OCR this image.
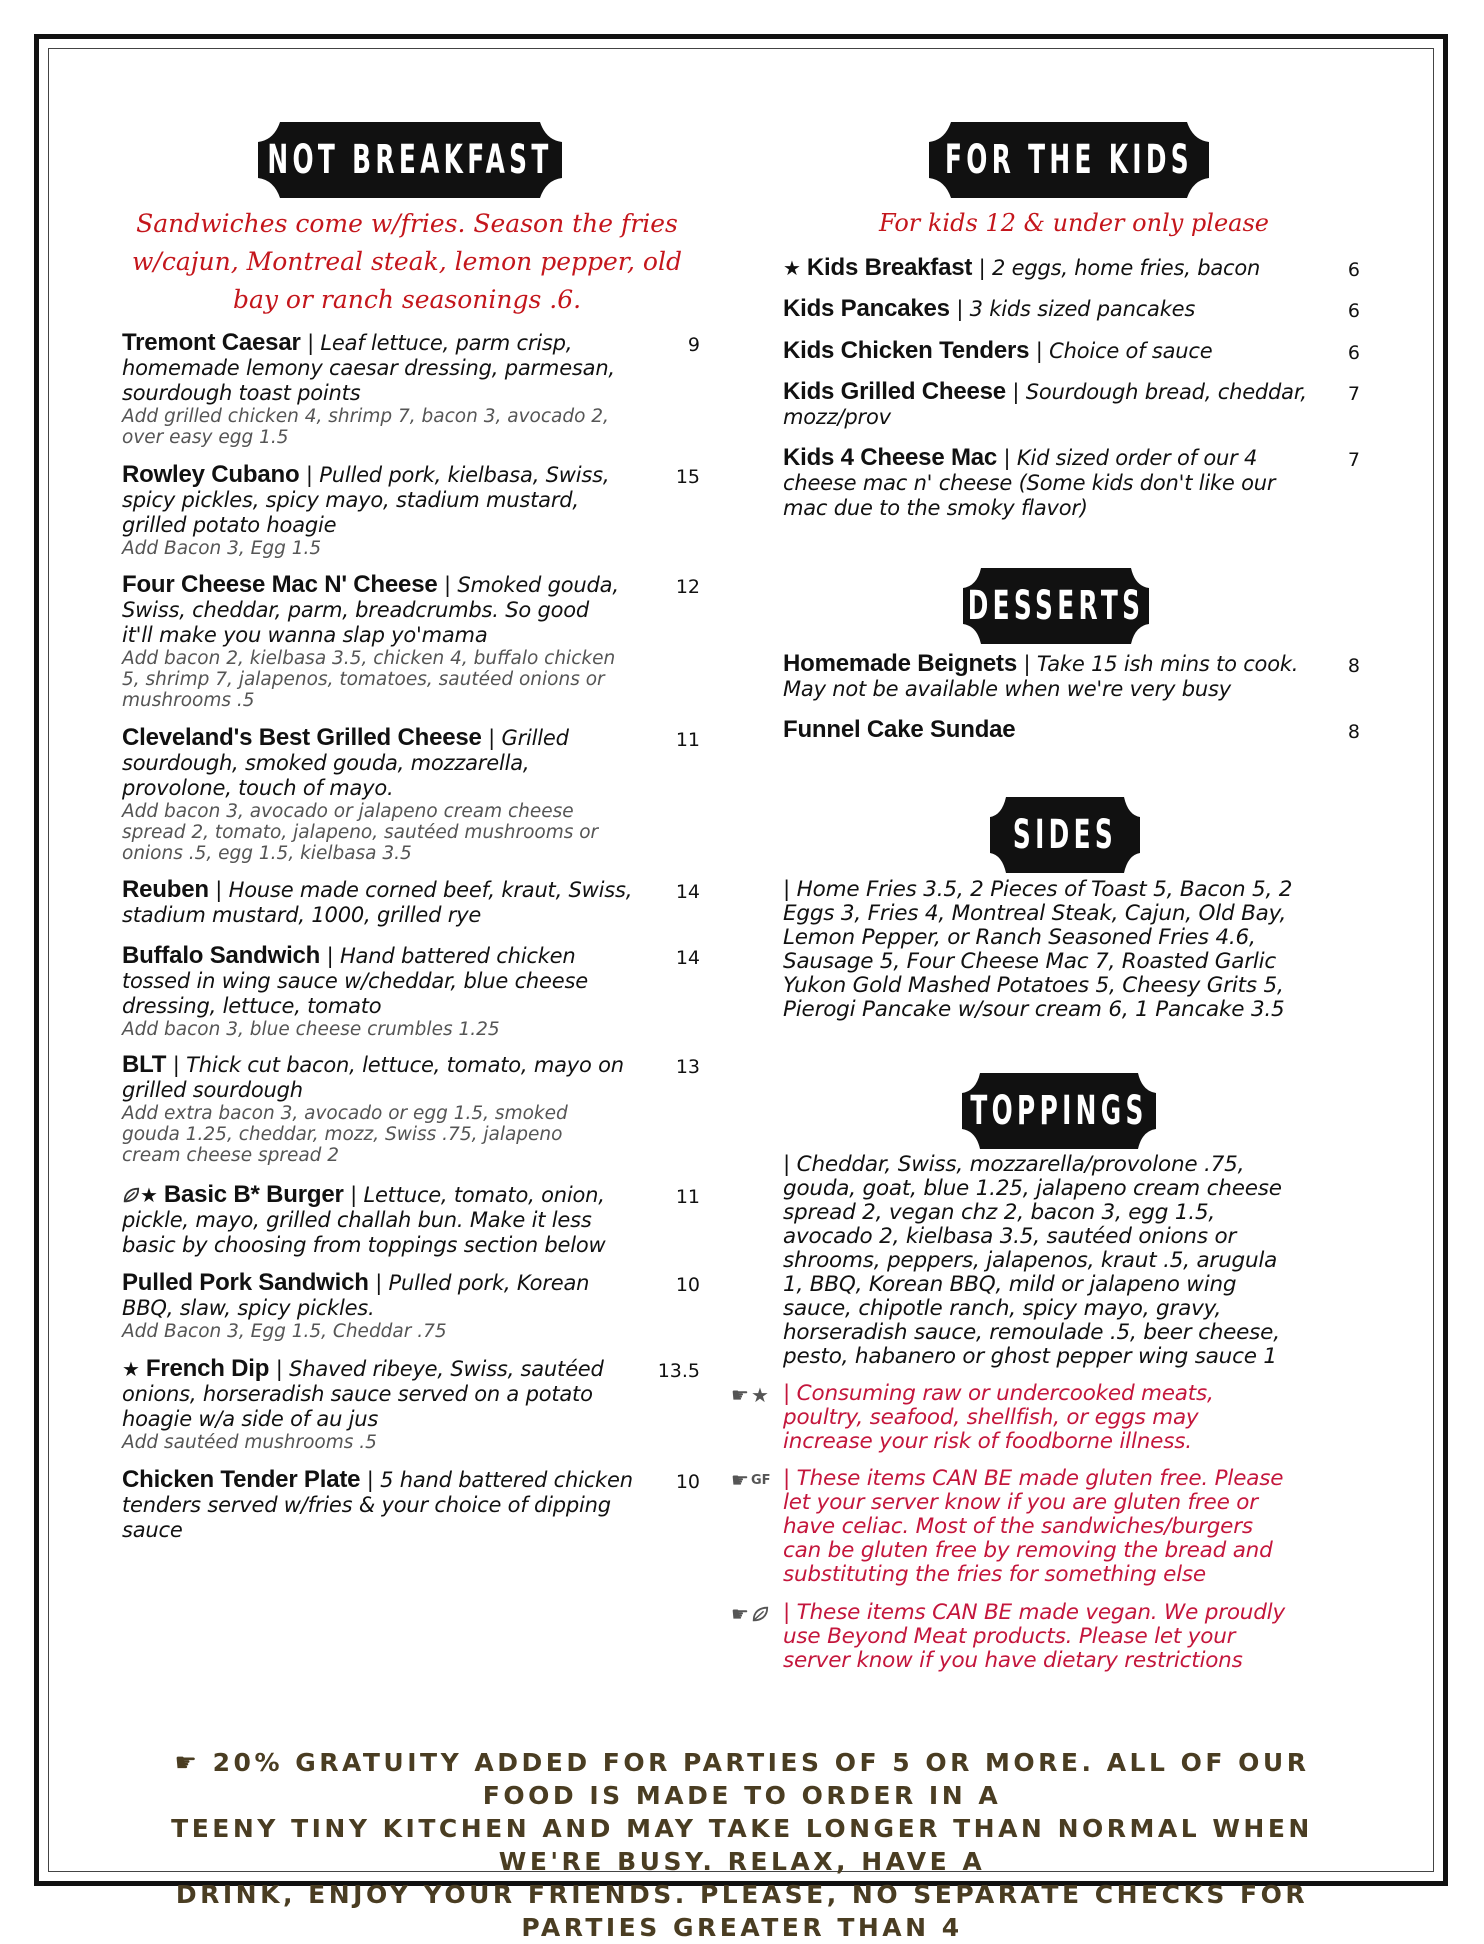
NOT BREAKFAST
Sandwiches come w/fries. Season the fries
w/cajun, Montreal steak, lemon pepper, old
bay or ranch seasonings .6.
Tremont Caesar | Leaf lettuce, parm crisp,
homemade lemony caesar dressing, parmesan,
sourdough toast points
Add grilled chicken 4, shrimp 7, bacon 3, avocado 2,
over easy egg 1.5
9
Rowley Cubano | Pulled pork, kielbasa, Swiss,
spicy pickles, spicy mayo, stadium mustard,
grilled potato hoagie
Add Bacon 3, Egg 1.5
15
Four Cheese Mac N' Cheese | Smoked gouda,
Swiss, cheddar, parm, breadcrumbs. So good
it'll make you wanna slap yo'mama
Add bacon 2, kielbasa 3.5, chicken 4, buffalo chicken
5, shrimp 7, jalapenos, tomatoes, sautéed onions or
mushrooms .5
12
Cleveland's Best Grilled Cheese | Grilled
sourdough, smoked gouda, mozzarella,
provolone, touch of mayo.
Add bacon 3, avocado or jalapeno cream cheese
spread 2, tomato, jalapeno, sautéed mushrooms or
onions .5, egg 1.5, kielbasa 3.5
11
Reuben | House made corned beef, kraut, Swiss,
stadium mustard, 1000, grilled rye
14
Buffalo Sandwich | Hand battered chicken
tossed in wing sauce w/cheddar, blue cheese
dressing, lettuce, tomato
Add bacon 3, blue cheese crumbles 1.25
14
BLT | Thick cut bacon, lettuce, tomato, mayo on
grilled sourdough
Add extra bacon 3, avocado or egg 1.5, smoked
gouda 1.25, cheddar, mozz, Swiss .75, jalapeno
cream cheese spread 2
13
★ Basic B* Burger | Lettuce, tomato, onion,
pickle, mayo, grilled challah bun. Make it less
basic by choosing from toppings section below
11
Pulled Pork Sandwich | Pulled pork, Korean
BBQ, slaw, spicy pickles.
Add Bacon 3, Egg 1.5, Cheddar .75
10
★ French Dip | Shaved ribeye, Swiss, sautéed
onions, horseradish sauce served on a potato
hoagie w/a side of au jus
Add sautéed mushrooms .5
13.5
Chicken Tender Plate | 5 hand battered chicken
tenders served w/fries & your choice of dipping
sauce
10
FOR THE KIDS
For kids 12 & under only please
★ Kids Breakfast | 2 eggs, home fries, bacon	6
Kids Pancakes | 3 kids sized pancakes	6
Kids Chicken Tenders | Choice of sauce	6
Kids Grilled Cheese | Sourdough bread, cheddar,
mozz/prov
7
Kids 4 Cheese Mac | Kid sized order of our 4
cheese mac n' cheese (Some kids don't like our
mac due to the smoky flavor)
7
DESSERTS
Homemade Beignets | Take 15 ish mins to cook.
May not be available when we're very busy
8
Funnel Cake Sundae	8
SIDES
| Home Fries 3.5, 2 Pieces of Toast 5, Bacon 5, 2
Eggs 3, Fries 4, Montreal Steak, Cajun, Old Bay,
Lemon Pepper, or Ranch Seasoned Fries 4.6,
Sausage 5, Four Cheese Mac 7, Roasted Garlic
Yukon Gold Mashed Potatoes 5, Cheesy Grits 5,
Pierogi Pancake w/sour cream 6, 1 Pancake 3.5
TOPPINGS
| Cheddar, Swiss, mozzarella/provolone .75,
gouda, goat, blue 1.25, jalapeno cream cheese
spread 2, vegan chz 2, bacon 3, egg 1.5,
avocado 2, kielbasa 3.5, sautéed onions or
shrooms, peppers, jalapenos, kraut .5, arugula
1, BBQ, Korean BBQ, mild or jalapeno wing
sauce, chipotle ranch, spicy mayo, gravy,
horseradish sauce, remoulade .5, beer cheese,
pesto, habanero or ghost pepper wing sauce 1
☛ ★ | Consuming raw or undercooked meats,
poultry, seafood, shellfish, or eggs may
increase your risk of foodborne illness.
☛ GF | These items CAN BE made gluten free. Please
let your server know if you are gluten free or
have celiac. Most of the sandwiches/burgers
can be gluten free by removing the bread and
substituting the fries for something else
☛	| These items CAN BE made vegan. We proudly
use Beyond Meat products. Please let your
server know if you have dietary restrictions
☛ 20% GRATUITY ADDED FOR PARTIES OF 5 OR MORE. ALL OF OUR FOOD IS MADE TO ORDER IN A
TEENY TINY KITCHEN AND MAY TAKE LONGER THAN NORMAL WHEN WE'RE BUSY. RELAX, HAVE A
DRINK, ENJOY YOUR FRIENDS. PLEASE, NO SEPARATE CHECKS FOR PARTIES GREATER THAN 4
